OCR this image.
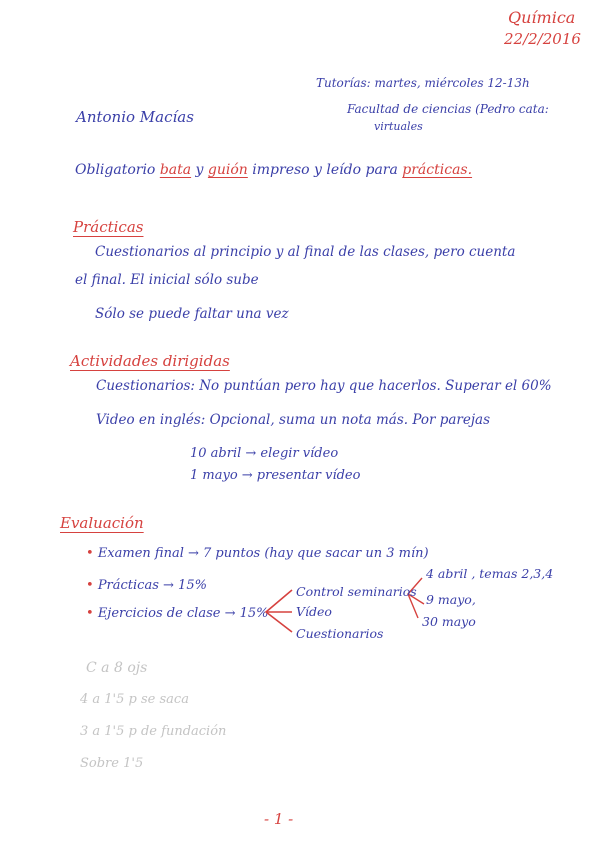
Química
22/2/2016
Tutorías: martes, miércoles 12-13h
Facultad de ciencias (Pedro cata:
virtuales
Antonio Macías
Obligatorio bata y guión impreso y leído para prácticas.
Prácticas
Cuestionarios al principio y al final de las clases, pero cuenta
el final. El inicial sólo sube
Sólo se puede faltar una vez
Actividades dirigidas
Cuestionarios: No puntúan pero hay que hacerlos. Superar el 60%
Video en inglés: Opcional, suma un nota más. Por parejas
10 abril → elegir vídeo
1 mayo → presentar vídeo
Evaluación
• Examen final → 7 puntos (hay que sacar un 3 mín)
• Prácticas → 15%
• Ejercicios de clase → 15%
Control seminarios
Vídeo
Cuestionarios
4 abril , temas 2,3,4
9 mayo,
30 mayo
C a 8 ojs
4 a 1'5 p se saca
3 a 1'5 p de fundación
Sobre 1'5
- 1 -
